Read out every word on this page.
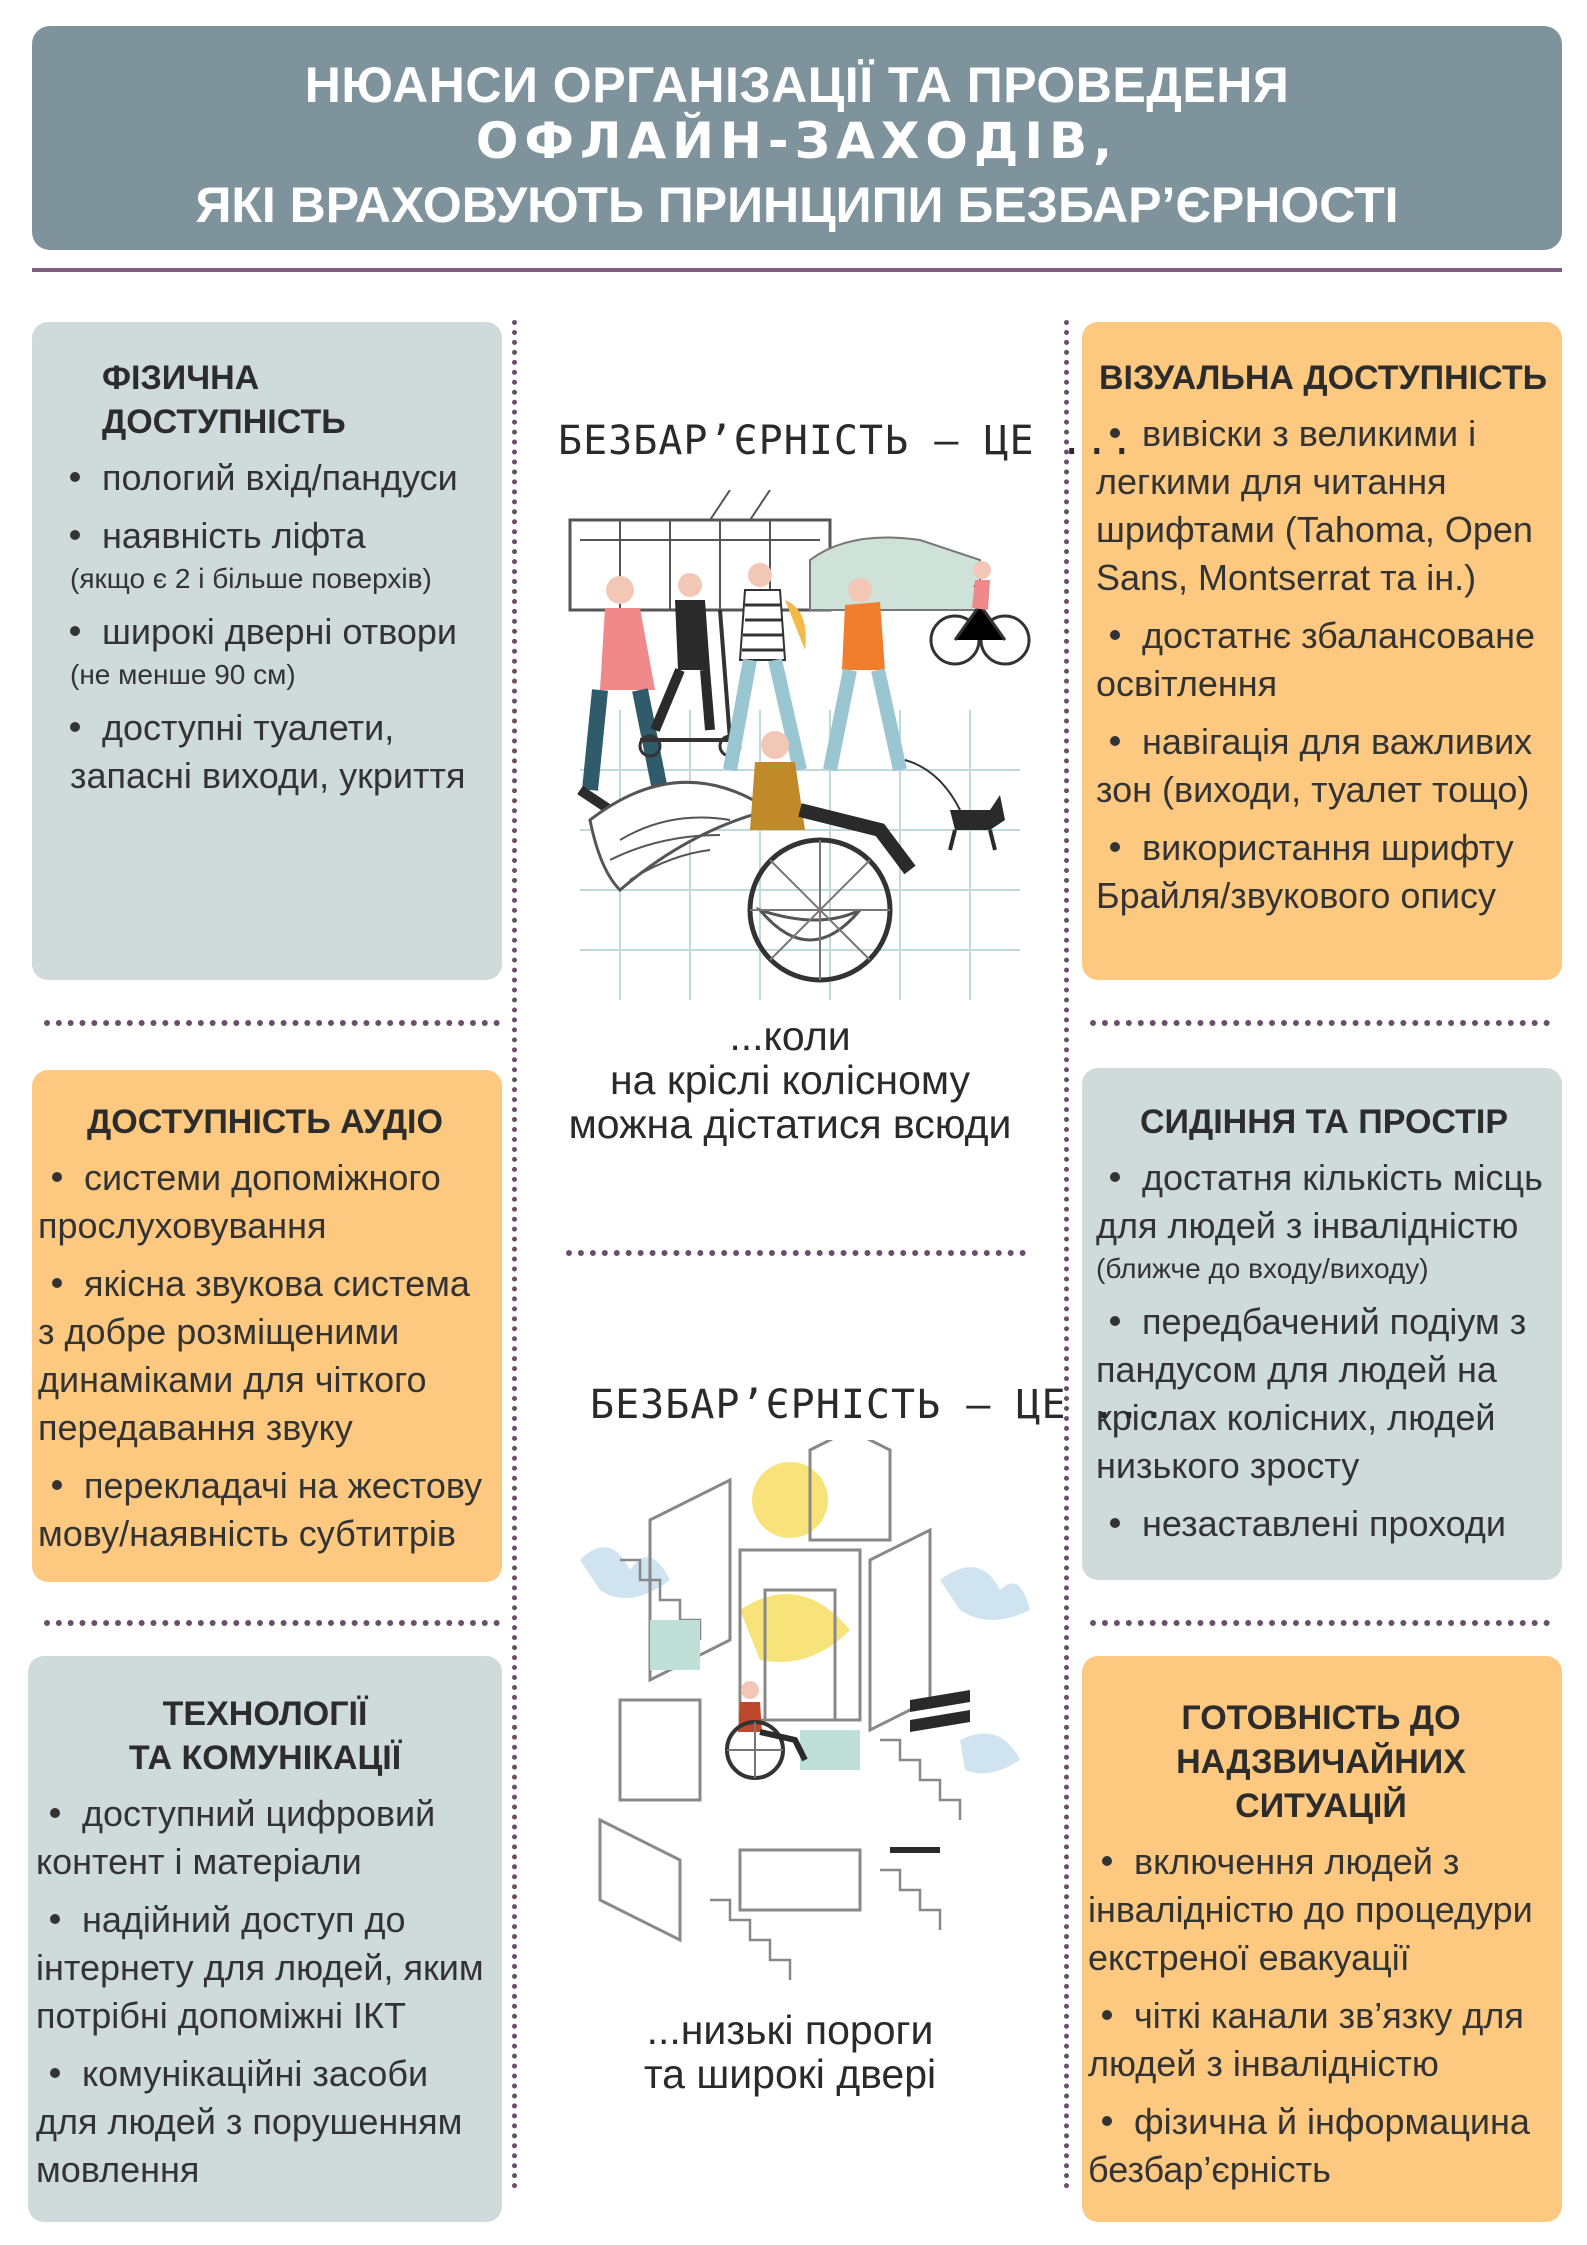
НЮАНСИ ОРГАНІЗАЦІЇ ТА ПРОВЕДЕНЯ
ОФЛАЙН-ЗАХОДІВ,
ЯКІ ВРАХОВУЮТЬ ПРИНЦИПИ БЕЗБАР’ЄРНОСТІ
ФІЗИЧНА ДОСТУПНІСТЬ
пологий вхід/пандуси
наявність ліфта
(якщо є 2 і більше поверхів)
широкі дверні отвори
(не менше 90 см)
доступні туалети,
запасні виходи, укриття
ВІЗУАЛЬНА ДОСТУПНІСТЬ
вивіски з великими і легкими для читання шрифтами (Tahoma, Open Sans, Montserrat та ін.)
достатнє збалансоване освітлення
навігація для важливих зон (виходи, туалет тощо)
використання шрифту Брайля/звукового опису
ДОСТУПНІСТЬ АУДІО
системи допоміжного прослуховування
якісна звукова система з добре розміщеними динаміками для чіткого передавання звуку
перекладачі на жестову мову/наявність субтитрів
СИДІННЯ ТА ПРОСТІР
достатня кількість місць для людей з інвалідністю
(ближче до входу/виходу)
передбачений подіум з пандусом для людей на кріслах колісних, людей низького зросту
незаставлені проходи
ТЕХНОЛОГІЇ
ТА КОМУНІКАЦІЇ
доступний цифровий контент і матеріали
надійний доступ до інтернету для людей, яким потрібні допоміжні ІКТ
комунікаційні засоби для людей з порушенням мовлення
ГОТОВНІСТЬ ДО
НАДЗВИЧАЙНИХ СИТУАЦІЙ
включення людей з інвалідністю до процедури екстреної евакуації
чіткі канали зв’язку для людей з інвалідністю
фізична й інформацина безбар’єрність
БЕЗБАР’ЄРНІСТЬ — ЦЕ ...
...коли
на кріслі колісному
можна дістатися всюди
БЕЗБАР’ЄРНІСТЬ — ЦЕ ...
...низькі пороги
та широкі двері
